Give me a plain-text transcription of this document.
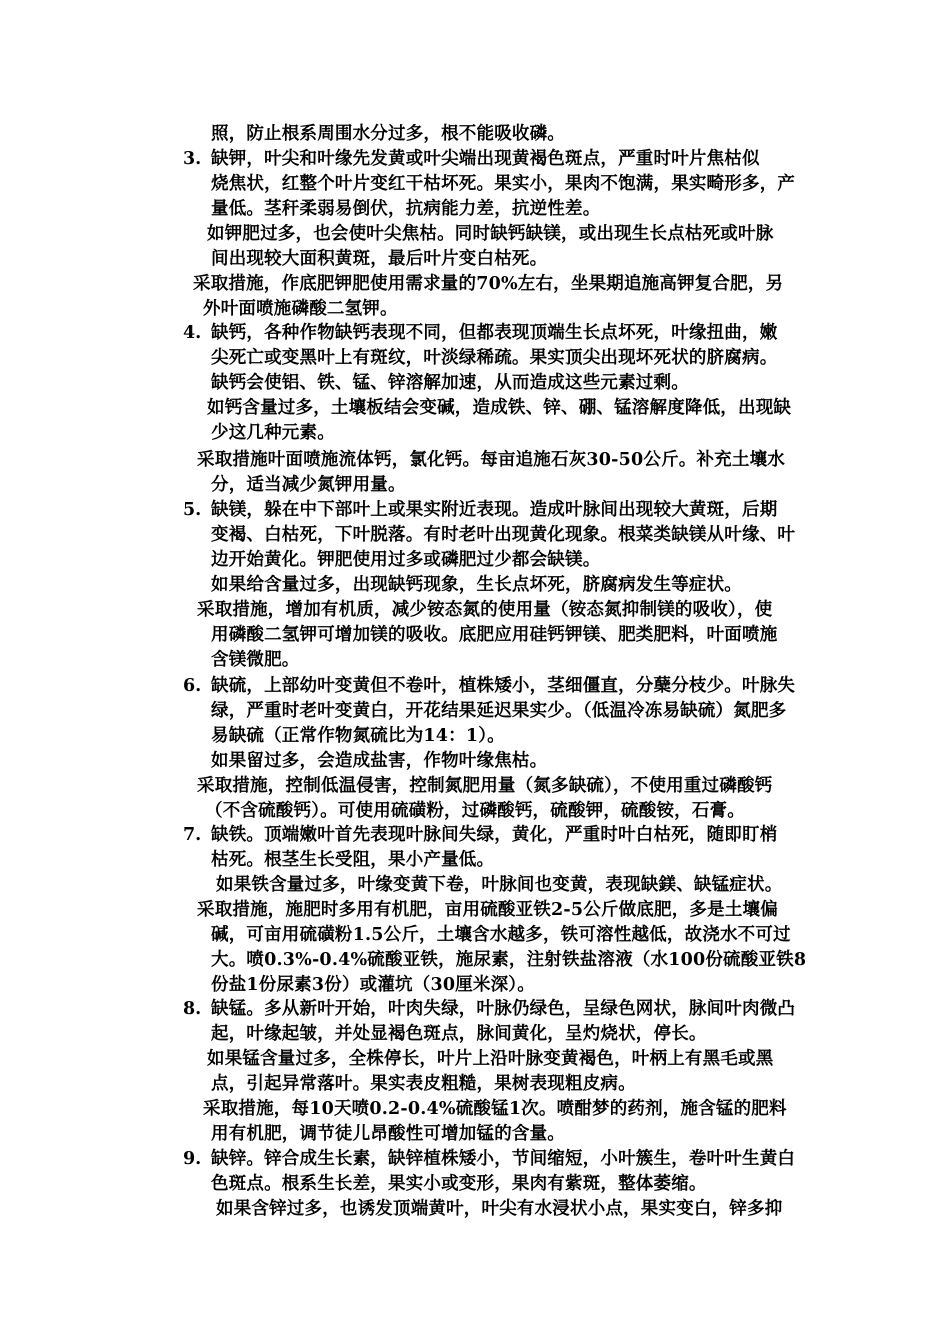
3.
4.
5.
6.
7.
8.
9.
照，防止根系周围水分过多，根不能吸收磷。
缺钾，叶尖和叶缘先发黄或叶尖端出现黄褐色斑点，严重时叶片焦枯似
烧焦状，红整个叶片变红干枯坏死。果实小，果肉不饱满，果实畸形多，产
量低。茎秆柔弱易倒伏，抗病能力差，抗逆性差。
如钾肥过多，也会使叶尖焦枯。同时缺钙缺镁，或出现生长点枯死或叶脉
间出现较大面积黄斑，最后叶片变白枯死。
采取措施，作底肥钾肥使用需求量的70%左右，坐果期追施高钾复合肥，另
外叶面喷施磷酸二氢钾。
缺钙，各种作物缺钙表现不同，但都表现顶端生长点坏死，叶缘扭曲，嫩
尖死亡或变黑叶上有斑纹，叶淡绿稀疏。果实顶尖出现坏死状的脐腐病。
缺钙会使铝、铁、锰、锌溶解加速，从而造成这些元素过剩。
如钙含量过多，土壤板结会变碱，造成铁、锌、硼、锰溶解度降低，出现缺
少这几种元素。
采取措施叶面喷施流体钙，氯化钙。每亩追施石灰30-50公斤。补充土壤水
分，适当减少氮钾用量。
缺镁，躲在中下部叶上或果实附近表现。造成叶脉间出现较大黄斑，后期
变褐、白枯死，下叶脱落。有时老叶出现黄化现象。根菜类缺镁从叶缘、叶
边开始黄化。钾肥使用过多或磷肥过少都会缺镁。
如果给含量过多，出现缺钙现象，生长点坏死，脐腐病发生等症状。
采取措施，增加有机质，减少铵态氮的使用量（铵态氮抑制镁的吸收），使
用磷酸二氢钾可增加镁的吸收。底肥应用硅钙钾镁、肥类肥料，叶面喷施
含镁微肥。
缺硫，上部幼叶变黄但不卷叶，植株矮小，茎细僵直，分蘖分枝少。叶脉失
绿，严重时老叶变黄白，开花结果延迟果实少。（低温冷冻易缺硫）氮肥多
易缺硫（正常作物氮硫比为14：1）。
如果留过多，会造成盐害，作物叶缘焦枯。
采取措施，控制低温侵害，控制氮肥用量（氮多缺硫），不使用重过磷酸钙
（不含硫酸钙）。可使用硫磺粉，过磷酸钙，硫酸钾，硫酸铵，石膏。
缺铁。顶端嫩叶首先表现叶脉间失绿，黄化，严重时叶白枯死，随即盯梢
枯死。根茎生长受阻，果小产量低。
如果铁含量过多，叶缘变黄下卷，叶脉间也变黄，表现缺鎂、缺锰症状。
采取措施，施肥时多用有机肥，亩用硫酸亚铁2-5公斤做底肥，多是土壤偏
碱，可亩用硫磺粉1.5公斤，土壤含水越多，铁可溶性越低，故浇水不可过
大。喷0.3%-0.4%硫酸亚铁，施尿素，注射铁盐溶液（水100份硫酸亚铁8
份盐1份尿素3份）或灌坑（30厘米深）。
缺锰。多从新叶开始，叶肉失绿，叶脉仍绿色，呈绿色网状，脉间叶肉微凸
起，叶缘起皱，并处显褐色斑点，脉间黄化，呈灼烧状，停长。
如果锰含量过多，全株停长，叶片上沿叶脉变黄褐色，叶柄上有黑毛或黑
点，引起异常落叶。果实表皮粗糙，果树表现粗皮病。
采取措施，每10天喷0.2-0.4%硫酸锰1次。喷酣梦的药剂，施含锰的肥料
用有机肥，调节徒儿昂酸性可增加锰的含量。
缺锌。锌合成生长素，缺锌植株矮小，节间缩短，小叶簇生，卷叶叶生黄白
色斑点。根系生长差，果实小或变形，果肉有紫斑，整体萎缩。
如果含锌过多，也诱发顶端黄叶，叶尖有水浸状小点，果实变白，锌多抑
